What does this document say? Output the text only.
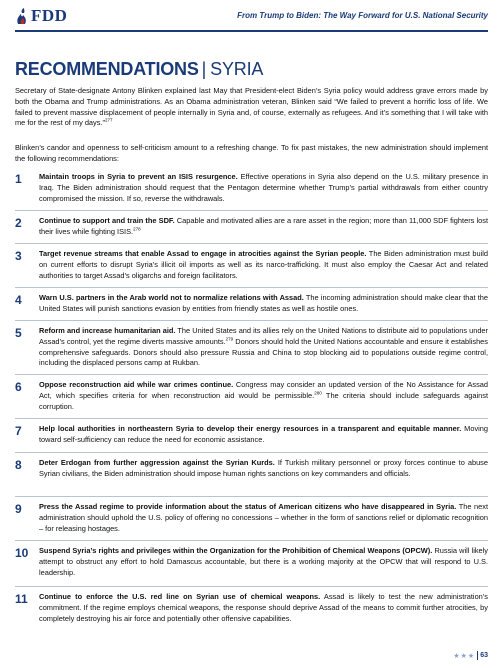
FDD	From Trump to Biden: The Way Forward for U.S. National Security
RECOMMENDATIONS | SYRIA

Secretary of State-designate Antony Blinken explained last May that President-elect Biden’s Syria policy would address grave errors made by both the Obama and Trump administrations. As an Obama administration veteran, Blinken said “We failed to prevent a horrific loss of life. We failed to prevent massive displacement of people internally in Syria and, of course, externally as refugees. And it’s something that I will take with me for the rest of my days.”$^{277}$

Blinken’s candor and openness to self-criticism amount to a refreshing change. To fix past mistakes, the new administration should implement the following recommendations:

1	Maintain troops in Syria to prevent an ISIS resurgence. Effective operations in Syria also depend on the U.S. military presence in Iraq. The Biden administration should request that the Pentagon determine whether Trump’s partial withdrawals from either country compromised the mission. If so, reverse the withdrawals.

2	Continue to support and train the SDF. Capable and motivated allies are a rare asset in the region; more than 11,000 SDF fighters lost their lives while fighting ISIS.$^{278}$

3	Target revenue streams that enable Assad to engage in atrocities against the Syrian people. The Biden administration must build on current efforts to disrupt Syria’s illicit oil imports as well as its narco-trafficking. It must also employ the Caesar Act and related authorities to target Assad’s oligarchs and foreign facilitators.

4	Warn U.S. partners in the Arab world not to normalize relations with Assad. The incoming administration should make clear that the United States will punish sanctions evasion by entities from friendly states as well as hostile ones.

5	Reform and increase humanitarian aid. The United States and its allies rely on the United Nations to distribute aid to populations under Assad’s control, yet the regime diverts massive amounts.$^{279}$ Donors should hold the United Nations accountable and ensure it establishes comprehensive safeguards. Donors should also pressure Russia and China to stop blocking aid to populations outside regime control, including the displaced persons camp at Rukban.

6	Oppose reconstruction aid while war crimes continue. Congress may consider an updated version of the No Assistance for Assad Act, which specifies criteria for when reconstruction aid would be permissible.$^{280}$ The criteria should include safeguards against corruption.

7	Help local authorities in northeastern Syria to develop their energy resources in a transparent and equitable manner. Moving toward self-sufficiency can reduce the need for economic assistance.

8	Deter Erdogan from further aggression against the Syrian Kurds. If Turkish military personnel or proxy forces continue to abuse Syrian civilians, the Biden administration should impose human rights sanctions on key commanders and officials.

9	Press the Assad regime to provide information about the status of American citizens who have disappeared in Syria. The next administration should uphold the U.S. policy of offering no concessions – whether in the form of sanctions relief or diplomatic recognition – for releasing hostages.

10 Suspend Syria’s rights and privileges within the Organization for the Prohibition of Chemical Weapons (OPCW). Russia will likely attempt to obstruct any effort to hold Damascus accountable, but there is a working majority at the OPCW that will respond to U.S. leadership.

11 Continue to enforce the U.S. red line on Syrian use of chemical weapons. Assad is likely to test the new administration’s commitment. If the regime employs chemical weapons, the response should deprive Assad of the means to commit further atrocities, by completely destroying his air force and potentially other offensive capabilities.

★★★ 63
